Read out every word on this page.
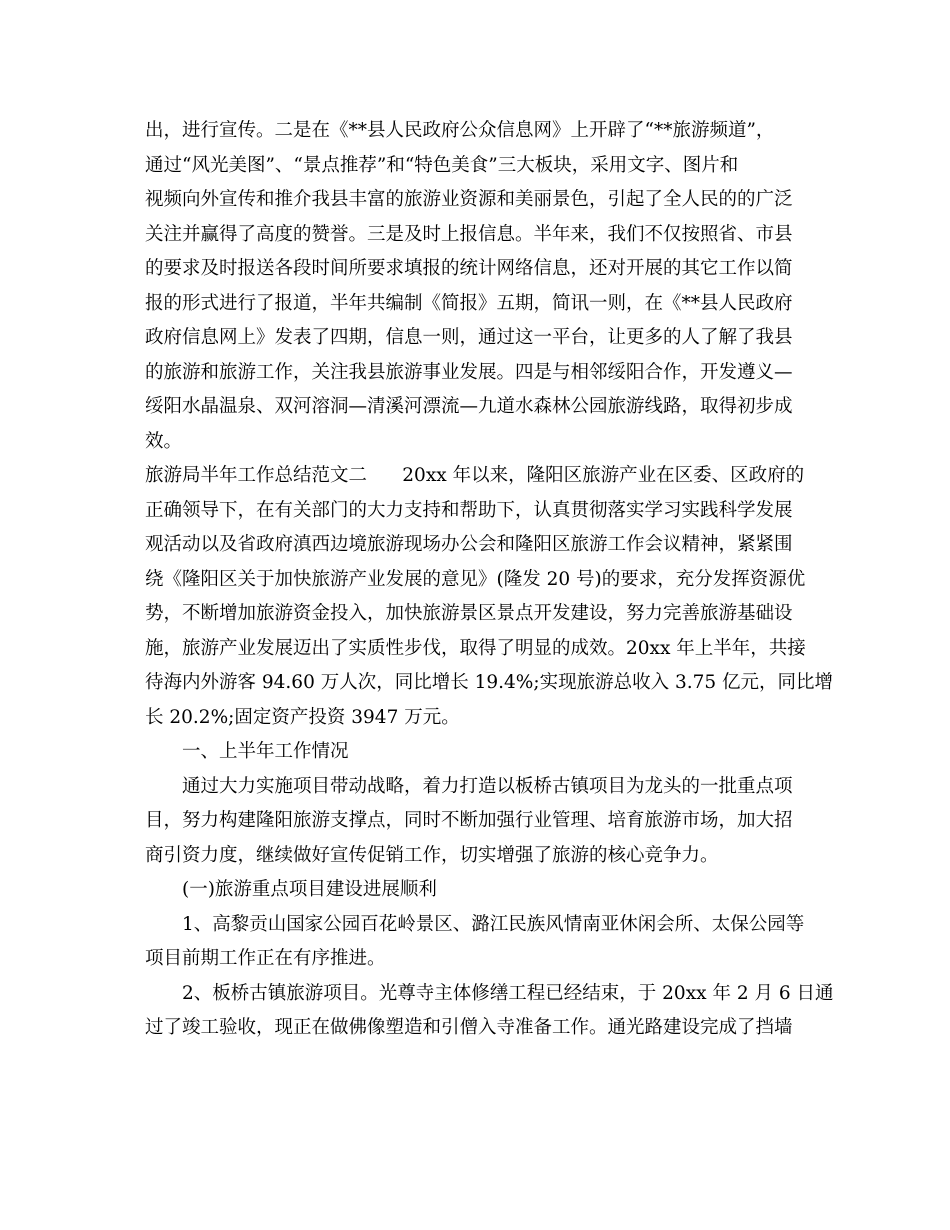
出，进行宣传。二是在《**县人民政府公众信息网》上开辟了“**旅游频道”，
通过“风光美图”、“景点推荐”和“特色美食”三大板块，采用文字、图片和
视频向外宣传和推介我县丰富的旅游业资源和美丽景色，引起了全人民的的广泛
关注并赢得了高度的赞誉。三是及时上报信息。半年来，我们不仅按照省、市县
的要求及时报送各段时间所要求填报的统计网络信息，还对开展的其它工作以简
报的形式进行了报道，半年共编制《简报》五期，简讯一则，在《**县人民政府
政府信息网上》发表了四期，信息一则，通过这一平台，让更多的人了解了我县
的旅游和旅游工作，关注我县旅游事业发展。四是与相邻绥阳合作，开发遵义—
绥阳水晶温泉、双河溶洞—清溪河漂流—九道水森林公园旅游线路，取得初步成
效。
旅游局半年工作总结范文二      20xx 年以来，隆阳区旅游产业在区委、区政府的
正确领导下，在有关部门的大力支持和帮助下，认真贯彻落实学习实践科学发展
观活动以及省政府滇西边境旅游现场办公会和隆阳区旅游工作会议精神，紧紧围
绕《隆阳区关于加快旅游产业发展的意见》(隆发 20 号)的要求，充分发挥资源优
势，不断增加旅游资金投入，加快旅游景区景点开发建设，努力完善旅游基础设
施，旅游产业发展迈出了实质性步伐，取得了明显的成效。20xx 年上半年，共接
待海内外游客 94.60 万人次，同比增长 19.4%;实现旅游总收入 3.75 亿元，同比增
长 20.2%;固定资产投资 3947 万元。
一、上半年工作情况
通过大力实施项目带动战略，着力打造以板桥古镇项目为龙头的一批重点项
目，努力构建隆阳旅游支撑点，同时不断加强行业管理、培育旅游市场，加大招
商引资力度，继续做好宣传促销工作，切实增强了旅游的核心竞争力。
(一)旅游重点项目建设进展顺利
1、高黎贡山国家公园百花岭景区、潞江民族风情南亚休闲会所、太保公园等
项目前期工作正在有序推进。
2、板桥古镇旅游项目。光尊寺主体修缮工程已经结束，于 20xx 年 2 月 6 日通
过了竣工验收，现正在做佛像塑造和引僧入寺准备工作。通光路建设完成了挡墙
